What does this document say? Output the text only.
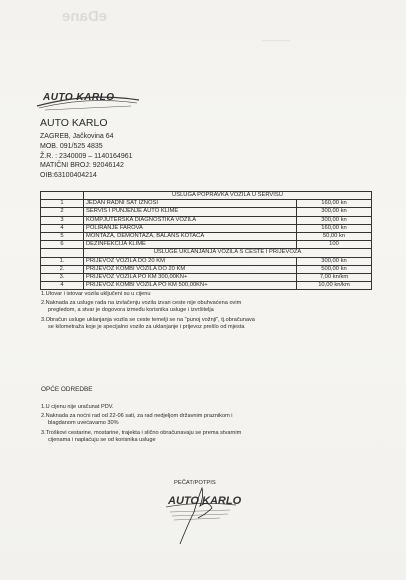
eDane
————
AUTO KARLO
AUTO KARLO
ZAGREB, Jačkovina 64
MOB. 091/525 4835
Ž.R. : 2340009 – 1140164961
MATIČNI BROJ: 92046142
OIB:63100404214
	USLUGA POPRAVKA VOZILA U SERVISU	
1	JEDAN RADNI SAT IZNOSI	160,00 kn
2	SERVIS I PUNJENJE AUTO KLIME	300,00 kn
3	KOMPJUTERSKA DIAGNOSTIKA VOZILA	300,00 kn
4	POLIRANJE FAROVA	160,00 kn
5	MONTAŽA, DEMONTAŽA, BALANS KOTAČA	50,00 kn
6	DEZINFEKCIJA KLIME	100
	USLUGE UKLANJANJA VOZILA S CESTE I PRIJEVOZA	
1.	PRIJEVOZ VOZILA DO 20 KM	300,00 kn
2.	PRIJEVOZ KOMBI VOZILA DO 20 KM	500,00 kn
3.	PRIJEVOZ VOZILA PO KM 300,00KN+	7,00 kn/km
4	PRIJEVOZ KOMBI VOZILA PO KM 500,00KN+	10,00 kn/km

1.Utovar i istovar vozila uključeni su u cijenu

2.Naknada za usluge rada na izvlačenju vozila izvan ceste nije obuhvaćena ovim

pregledom, a stvar je dogovora između korisnika usluge i izvršitelja

3.Obračun usluge uklanjanja vozila se ceste temelji se na "punoj vožnji", tj.obračunava

se kilometraža koje je specijalno vozilo za uklanjanje i prijevoz prešlo od mjesta

OPĆE ODREDBE

1.U cijenu nije uračunat PDV.

2.Naknada za noćni rad od 22-06 sati, za rad nedjeljom državnim praznikom i

blagdanom uvećavamo 30%

3.Troškovi cestarine, mostarine, trajekta i slično obračunavaju se prema stvarnim

cijenama i naplaćuju se od korisnika usluge

PEČAT/POTPIS
AUTO KARLO
